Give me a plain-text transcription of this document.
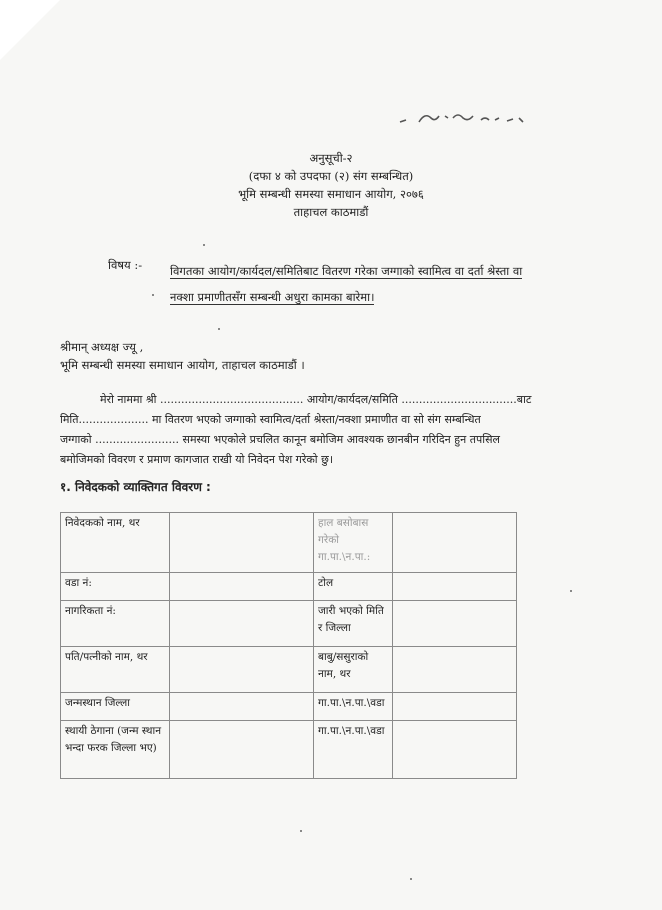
अनुसूची-२
(दफा ४ को उपदफा (२) संग सम्बन्धित)
भूमि सम्बन्धी समस्या समाधान आयोग, २०७६
ताहाचल काठमाडौं
विषय :- विगतका आयोग/कार्यदल/समितिबाट वितरण गरेका जग्गाको स्वामित्व वा दर्ता श्रेस्ता वा
नक्शा प्रमाणीतसँग सम्बन्धी अधुरा कामका बारेमा।
श्रीमान् अध्यक्ष ज्यू ,
भूमि सम्बन्धी समस्या समाधान आयोग, ताहाचल काठमाडौं ।
मेरो नाममा श्री ......................................... आयोग/कार्यदल/समिति .................................बाट
मिति.................... मा वितरण भएको जग्गाको स्वामित्व/दर्ता श्रेस्ता/नक्शा प्रमाणीत वा सो संग सम्बन्धित
जग्गाको ........................ समस्या भएकोले प्रचलित कानून बमोजिम आवश्यक छानबीन गरिदिन हुन तपसिल
बमोजिमको विवरण र प्रमाण कागजात राखी यो निवेदन पेश गरेको छु।
१. निवेदकको व्याक्तिगत विवरण :
निवेदकको नाम, थर		हाल बसोबास गरेको गा.पा.\न.पा.:	
वडा नं:		टोल	
नागरिकता नं:		जारी भएको मिति र जिल्ला	
पति/पत्नीको नाम, थर		बाबु/ससुराको नाम, थर	
जन्मस्थान जिल्ला		गा.पा.\न.पा.\वडा	
स्थायी ठेगाना (जन्म स्थान भन्दा फरक जिल्ला भए)		गा.पा.\न.पा.\वडा	
